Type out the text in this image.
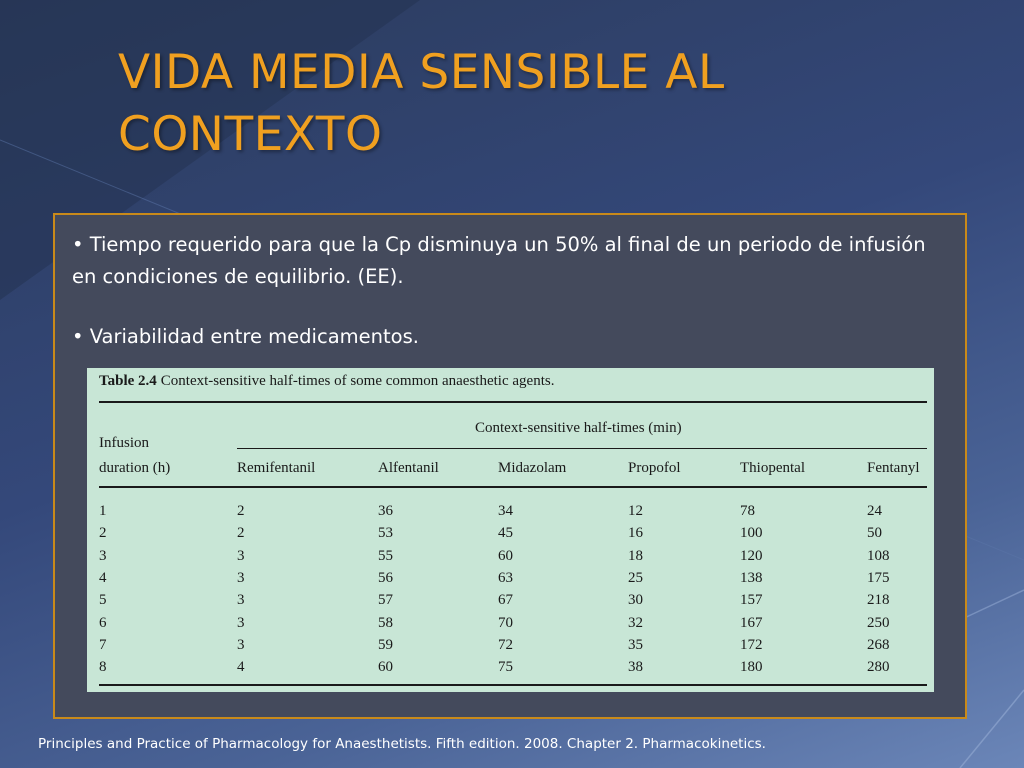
VIDA MEDIA SENSIBLE AL
CONTEXTO
• Tiempo requerido para que la Cp disminuya un 50% al final de un periodo de infusión en condiciones de equilibrio. (EE).
• Variabilidad entre medicamentos.
Table 2.4 Context-sensitive half-times of some common anaesthetic agents.
Context-sensitive half-times (min)
Infusion
duration (h)	Remifentanil	Alfentanil	Midazolam	Propofol	Thiopental	Fentanyl
1	2	36	34	12	78	24
2	2	53	45	16	100	50
3	3	55	60	18	120	108
4	3	56	63	25	138	175
5	3	57	67	30	157	218
6	3	58	70	32	167	250
7	3	59	72	35	172	268
8	4	60	75	38	180	280
Principles and Practice of Pharmacology for Anaesthetists. Fifth edition. 2008. Chapter 2. Pharmacokinetics.
